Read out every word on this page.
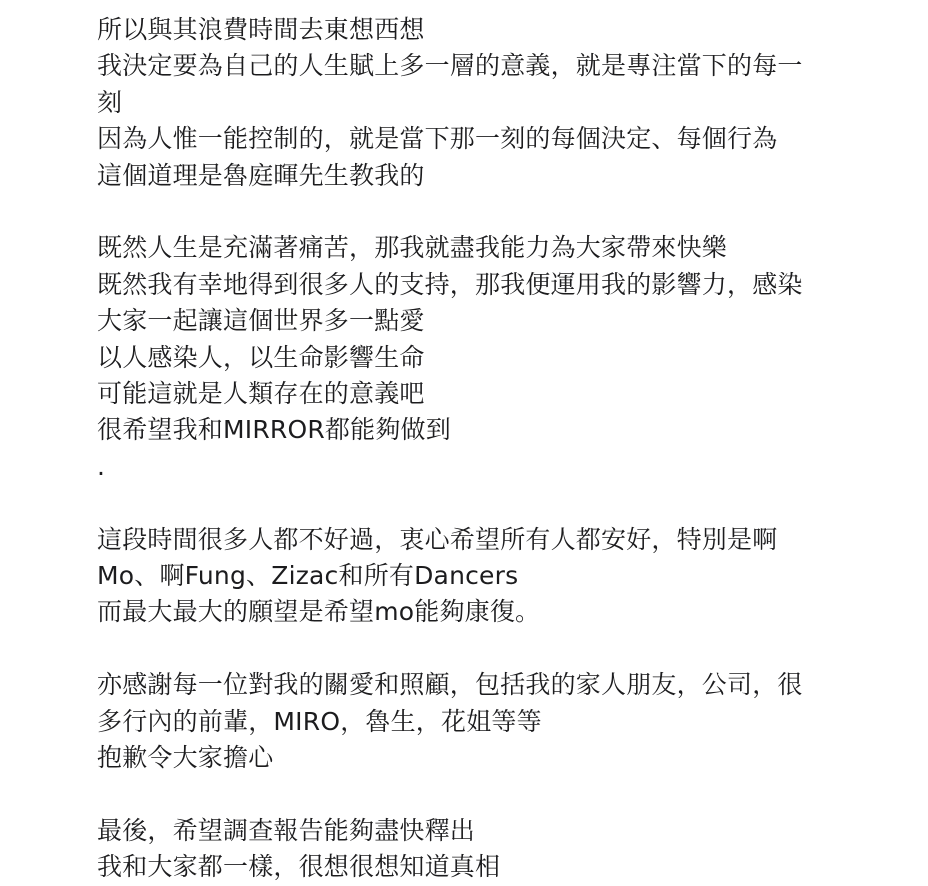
所以與其浪費時間去東想西想
我決定要為自己的人生賦上多一層的意義，就是專注當下的每一
刻
因為人惟一能控制的，就是當下那一刻的每個決定、每個行為
這個道理是魯庭暉先生教我的
既然人生是充滿著痛苦，那我就盡我能力為大家帶來快樂
既然我有幸地得到很多人的支持，那我便運用我的影響力，感染
大家一起讓這個世界多一點愛
以人感染人，以生命影響生命
可能這就是人類存在的意義吧
很希望我和MIRROR都能夠做到
.
這段時間很多人都不好過，衷心希望所有人都安好，特別是啊
Mo、啊Fung、Zizac和所有Dancers
而最大最大的願望是希望mo能夠康復。
亦感謝每一位對我的關愛和照顧，包括我的家人朋友，公司，很
多行內的前輩，MIRO，魯生，花姐等等
抱歉令大家擔心
最後，希望調查報告能夠盡快釋出
我和大家都一樣，很想很想知道真相
